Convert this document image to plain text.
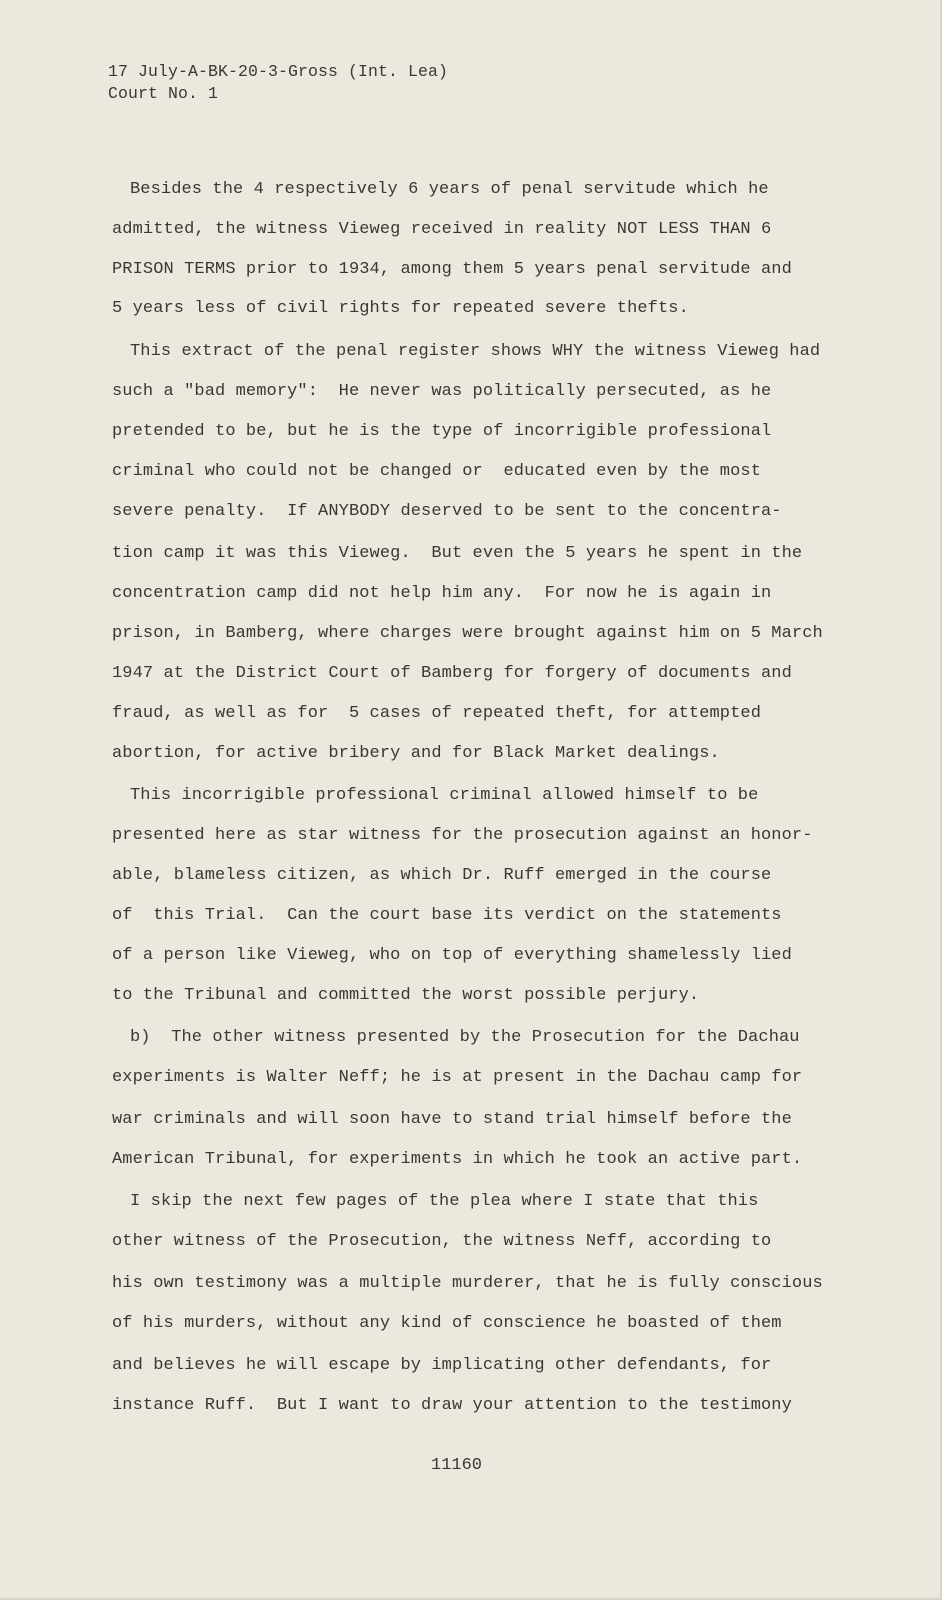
17 July-A-BK-20-3-Gross (Int. Lea)
Court No. 1
Besides the 4 respectively 6 years of penal servitude which he
admitted, the witness Vieweg received in reality NOT LESS THAN 6
PRISON TERMS prior to 1934, among them 5 years penal servitude and
5 years less of civil rights for repeated severe thefts.
This extract of the penal register shows WHY the witness Vieweg had
such a "bad memory":  He never was politically persecuted, as he
pretended to be, but he is the type of incorrigible professional
criminal who could not be changed or  educated even by the most
severe penalty.  If ANYBODY deserved to be sent to the concentra-
tion camp it was this Vieweg.  But even the 5 years he spent in the
concentration camp did not help him any.  For now he is again in
prison, in Bamberg, where charges were brought against him on 5 March
1947 at the District Court of Bamberg for forgery of documents and
fraud, as well as for  5 cases of repeated theft, for attempted
abortion, for active bribery and for Black Market dealings.
This incorrigible professional criminal allowed himself to be
presented here as star witness for the prosecution against an honor-
able, blameless citizen, as which Dr. Ruff emerged in the course
of  this Trial.  Can the court base its verdict on the statements
of a person like Vieweg, who on top of everything shamelessly lied
to the Tribunal and committed the worst possible perjury.
b)  The other witness presented by the Prosecution for the Dachau
experiments is Walter Neff; he is at present in the Dachau camp for
war criminals and will soon have to stand trial himself before the
American Tribunal, for experiments in which he took an active part.
I skip the next few pages of the plea where I state that this
other witness of the Prosecution, the witness Neff, according to
his own testimony was a multiple murderer, that he is fully conscious
of his murders, without any kind of conscience he boasted of them
and believes he will escape by implicating other defendants, for
instance Ruff.  But I want to draw your attention to the testimony
11160
